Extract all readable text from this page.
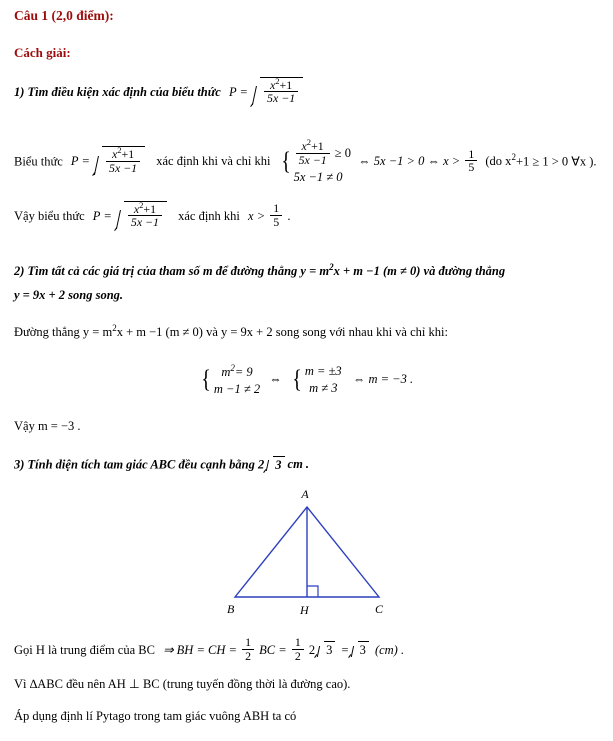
Câu 1 (2,0 điểm):
Cách giải:
1) Tìm điều kiện xác định của biểu thức $P = \frac{x^2+1}{5x -1}$
Biểu thức $P = \frac{x^2+1}{5x -1}$ xác định khi và chỉ khi { $\frac{x^2+1}{5x -1} \ge 0$
5x −1 ≠ 0
⇔ 5x −1 > 0 ⇔ $x > \frac{1}{5} (do$ $x^2+1 \ge 1 > 0$ ∀x ).
Vậy biểu thức $P = \frac{x^2+1}{5x -1}$ xác định khi $x > \frac{1}{5}$ .
2) Tìm tất cả các giá trị của tham số m để đường thẳng $y = m^2x + m -1$ (m ≠ 0) và đường thẳng
y = 9x + 2 song song.
Đường thẳng $y = m^2x + m -1$ (m ≠ 0) và y = 9x + 2 song song với nhau khi và chỉ khi:
{ $m^2= 9$
m −1 ≠ 2
⇔ { m = ±3
m ≠ 3
⇔ m = −3 .
Vậy m = −3 .
3) Tính diện tích tam giác ABC đều cạnh bằng 2 3 cm .
A
B	H	C
Gọi H là trung điểm của BC ⇒ BH = CH = $\frac{1}{2}$ BC = $\frac{1}{2} 2$ 3 = 3 (cm) .
Vì ∆ABC đều nên AH ⊥ BC (trung tuyến đồng thời là đường cao).
Áp dụng định lí Pytago trong tam giác vuông ABH ta có
